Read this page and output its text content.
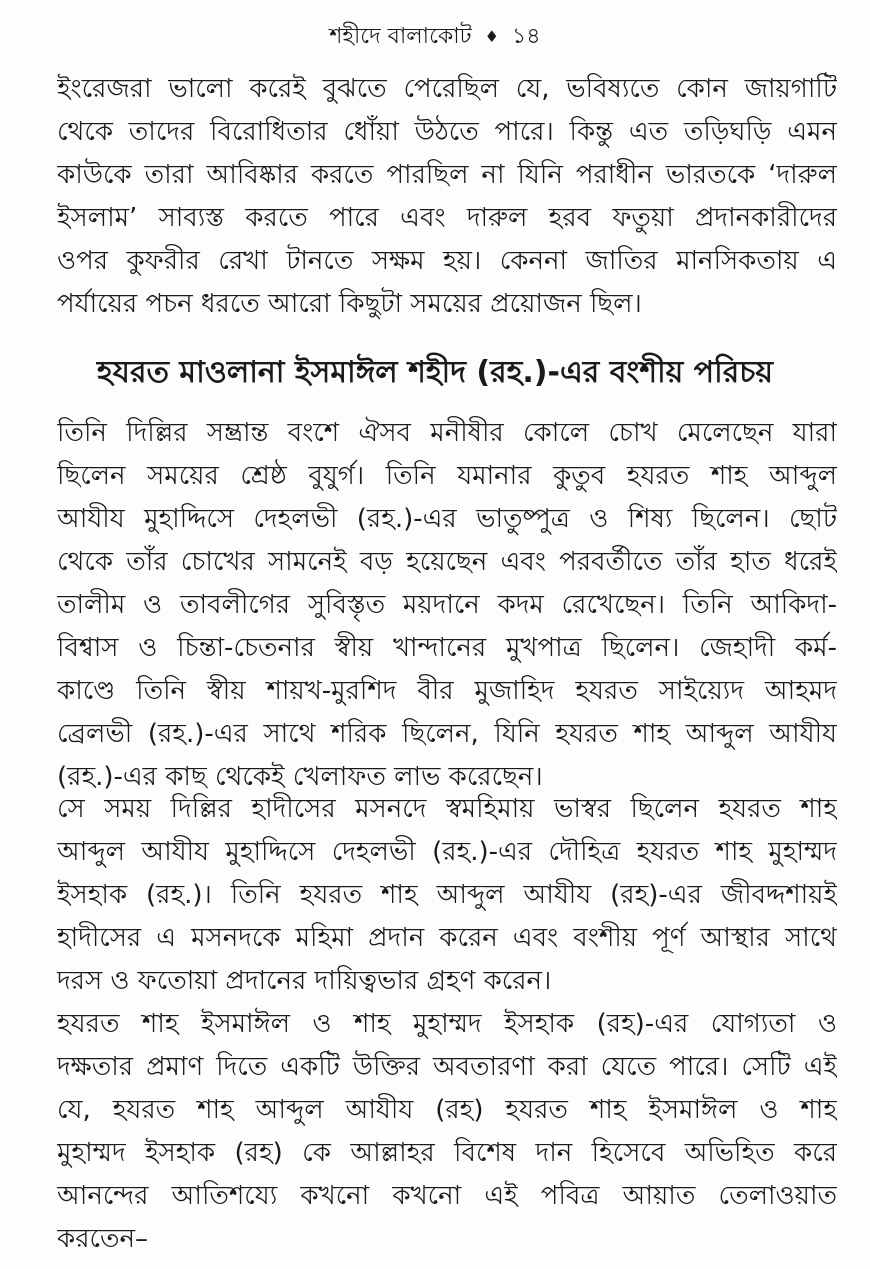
শহীদে বালাকোট ♦ ১৪
ইংরেজরা ভালো করেই বুঝতে পেরেছিল যে, ভবিষ্যতে কোন জায়গাটি
থেকে তাদের বিরোধিতার ধোঁয়া উঠতে পারে। কিন্তু এত তড়িঘড়ি এমন
কাউকে তারা আবিষ্কার করতে পারছিল না যিনি পরাধীন ভারতকে ‘দারুল
ইসলাম’ সাব্যস্ত করতে পারে এবং দারুল হরব ফতুয়া প্রদানকারীদের
ওপর কুফরীর রেখা টানতে সক্ষম হয়। কেননা জাতির মানসিকতায় এ
পর্যায়ের পচন ধরতে আরো কিছুটা সময়ের প্রয়োজন ছিল।
হযরত মাওলানা ইসমাঈল শহীদ (রহ.)-এর বংশীয় পরিচয়
তিনি দিল্লির সম্ভ্রান্ত বংশে ঐসব মনীষীর কোলে চোখ মেলেছেন যারা
ছিলেন সময়ের শ্রেষ্ঠ বুযুর্গ। তিনি যমানার কুতুব হযরত শাহ আব্দুল
আযীয মুহাদ্দিসে দেহলভী (রহ.)-এর ভাতুষ্পুত্র ও শিষ্য ছিলেন। ছোট
থেকে তাঁর চোখের সামনেই বড় হয়েছেন এবং পরবর্তীতে তাঁর হাত ধরেই
তালীম ও তাবলীগের সুবিস্তৃত ময়দানে কদম রেখেছেন। তিনি আকিদা-
বিশ্বাস ও চিন্তা-চেতনার স্বীয় খান্দানের মুখপাত্র ছিলেন। জেহাদী কর্ম-
কাণ্ডে তিনি স্বীয় শায়খ-মুরশিদ বীর মুজাহিদ হযরত সাইয়্যেদ আহমদ
ব্রেলভী (রহ.)-এর সাথে শরিক ছিলেন, যিনি হযরত শাহ আব্দুল আযীয
(রহ.)-এর কাছ থেকেই খেলাফত লাভ করেছেন।
সে সময় দিল্লির হাদীসের মসনদে স্বমহিমায় ভাস্বর ছিলেন হযরত শাহ
আব্দুল আযীয মুহাদ্দিসে দেহলভী (রহ.)-এর দৌহিত্র হযরত শাহ মুহাম্মদ
ইসহাক (রহ.)। তিনি হযরত শাহ আব্দুল আযীয (রহ)-এর জীবদ্দশায়ই
হাদীসের এ মসনদকে মহিমা প্রদান করেন এবং বংশীয় পূর্ণ আস্থার সাথে
দরস ও ফতোয়া প্রদানের দায়িত্বভার গ্রহণ করেন।
হযরত শাহ ইসমাঈল ও শাহ মুহাম্মদ ইসহাক (রহ)-এর যোগ্যতা ও
দক্ষতার প্রমাণ দিতে একটি উক্তির অবতারণা করা যেতে পারে। সেটি এই
যে, হযরত শাহ আব্দুল আযীয (রহ) হযরত শাহ ইসমাঈল ও শাহ
মুহাম্মদ ইসহাক (রহ) কে আল্লাহর বিশেষ দান হিসেবে অভিহিত করে
আনন্দের আতিশয্যে কখনো কখনো এই পবিত্র আয়াত তেলাওয়াত
করতেন–
